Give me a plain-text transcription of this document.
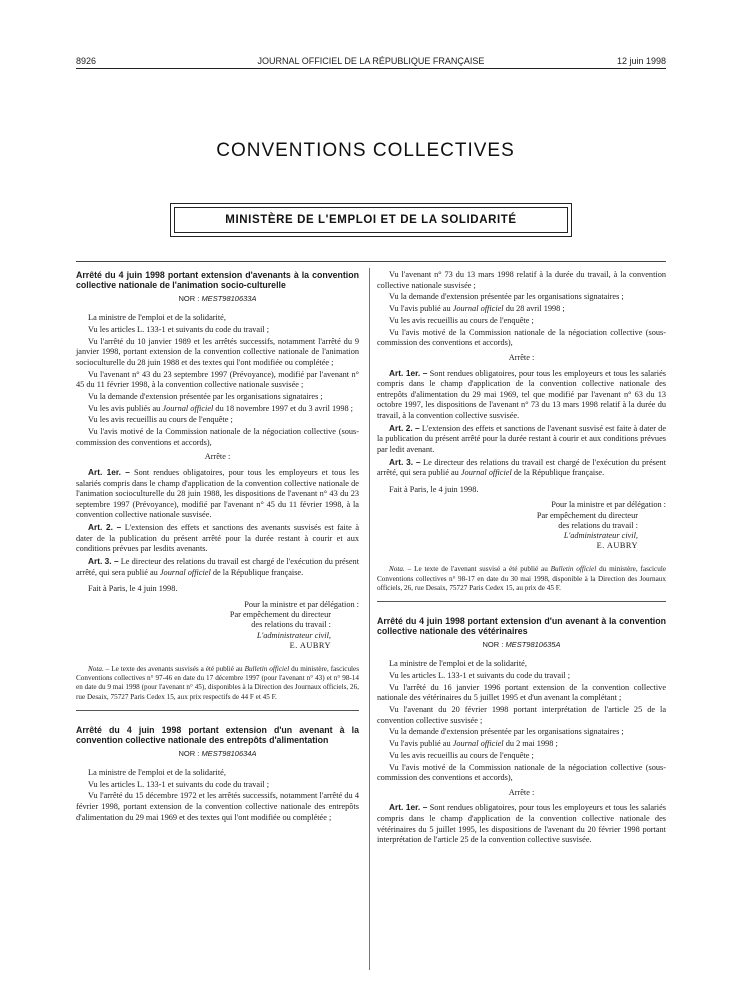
8926	JOURNAL OFFICIEL DE LA RÉPUBLIQUE FRANÇAISE	12 juin 1998
CONVENTIONS COLLECTIVES
MINISTÈRE DE L'EMPLOI ET DE LA SOLIDARITÉ

Arrêté du 4 juin 1998 portant extension d'avenants à la convention collective nationale de l'animation socio-culturelle

NOR : MEST9810633A

La ministre de l'emploi et de la solidarité,

Vu les articles L. 133-1 et suivants du code du travail ;

Vu l'arrêté du 10 janvier 1989 et les arrêtés successifs, notamment l'arrêté du 9 janvier 1998, portant extension de la convention collective nationale de l'animation socioculturelle du 28 juin 1988 et des textes qui l'ont modifiée ou complétée ;

Vu l'avenant n° 43 du 23 septembre 1997 (Prévoyance), modifié par l'avenant n° 45 du 11 février 1998, à la convention collective nationale susvisée ;

Vu la demande d'extension présentée par les organisations signataires ;

Vu les avis publiés au Journal officiel du 18 novembre 1997 et du 3 avril 1998 ;

Vu les avis recueillis au cours de l'enquête ;

Vu l'avis motivé de la Commission nationale de la négociation collective (sous-commission des conventions et accords),

Arrête :

Art. 1er. – Sont rendues obligatoires, pour tous les employeurs et tous les salariés compris dans le champ d'application de la convention collective nationale de l'animation socioculturelle du 28 juin 1988, les dispositions de l'avenant n° 43 du 23 septembre 1997 (Prévoyance), modifié par l'avenant n° 45 du 11 février 1998, à la convention collective nationale susvisée.

Art. 2. – L'extension des effets et sanctions des avenants susvisés est faite à dater de la publication du présent arrêté pour la durée restant à courir et aux conditions prévues par lesdits avenants.

Art. 3. – Le directeur des relations du travail est chargé de l'exécution du présent arrêté, qui sera publié au Journal officiel de la République française.

Fait à Paris, le 4 juin 1998.

Pour la ministre et par délégation :

Par empêchement du directeur

des relations du travail :

L'administrateur civil,

E. AUBRY

Nota. – Le texte des avenants susvisés a été publié au Bulletin officiel du ministère, fascicules Conventions collectives n° 97-46 en date du 17 décembre 1997 (pour l'avenant n° 43) et n° 98-14 en date du 9 mai 1998 (pour l'avenant n° 45), disponibles à la Direction des Journaux officiels, 26, rue Desaix, 75727 Paris Cedex 15, aux prix respectifs de 44 F et 45 F.

Arrêté du 4 juin 1998 portant extension d'un avenant à la convention collective nationale des entrepôts d'alimentation

NOR : MEST9810634A

La ministre de l'emploi et de la solidarité,

Vu les articles L. 133-1 et suivants du code du travail ;

Vu l'arrêté du 15 décembre 1972 et les arrêtés successifs, notamment l'arrêté du 4 février 1998, portant extension de la convention collective nationale des entrepôts d'alimentation du 29 mai 1969 et des textes qui l'ont modifiée ou complétée ;

Vu l'avenant n° 73 du 13 mars 1998 relatif à la durée du travail, à la convention collective nationale susvisée ;

Vu la demande d'extension présentée par les organisations signataires ;

Vu l'avis publié au Journal officiel du 28 avril 1998 ;

Vu les avis recueillis au cours de l'enquête ;

Vu l'avis motivé de la Commission nationale de la négociation collective (sous-commission des conventions et accords),

Arrête :

Art. 1er. – Sont rendues obligatoires, pour tous les employeurs et tous les salariés compris dans le champ d'application de la convention collective nationale des entrepôts d'alimentation du 29 mai 1969, tel que modifié par l'avenant n° 63 du 13 octobre 1997, les dispositions de l'avenant n° 73 du 13 mars 1998 relatif à la durée du travail, à la convention collective susvisée.

Art. 2. – L'extension des effets et sanctions de l'avenant susvisé est faite à dater de la publication du présent arrêté pour la durée restant à courir et aux conditions prévues par ledit avenant.

Art. 3. – Le directeur des relations du travail est chargé de l'exécution du présent arrêté, qui sera publié au Journal officiel de la République française.

Fait à Paris, le 4 juin 1998.

Pour la ministre et par délégation :

Par empêchement du directeur

des relations du travail :

L'administrateur civil,

E. AUBRY

Nota. – Le texte de l'avenant susvisé a été publié au Bulletin officiel du ministère, fascicule Conventions collectives n° 98-17 en date du 30 mai 1998, disponible à la Direction des Journaux officiels, 26, rue Desaix, 75727 Paris Cedex 15, au prix de 45 F.

Arrêté du 4 juin 1998 portant extension d'un avenant à la convention collective nationale des vétérinaires

NOR : MEST9810635A

La ministre de l'emploi et de la solidarité,

Vu les articles L. 133-1 et suivants du code du travail ;

Vu l'arrêté du 16 janvier 1996 portant extension de la convention collective nationale des vétérinaires du 5 juillet 1995 et d'un avenant la complétant ;

Vu l'avenant du 20 février 1998 portant interprétation de l'article 25 de la convention collective susvisée ;

Vu la demande d'extension présentée par les organisations signataires ;

Vu l'avis publié au Journal officiel du 2 mai 1998 ;

Vu les avis recueillis au cours de l'enquête ;

Vu l'avis motivé de la Commission nationale de la négociation collective (sous-commission des conventions et accords),

Arrête :

Art. 1er. – Sont rendues obligatoires, pour tous les employeurs et tous les salariés compris dans le champ d'application de la convention collective nationale des vétérinaires du 5 juillet 1995, les dispositions de l'avenant du 20 février 1998 portant interprétation de l'article 25 de la convention collective susvisée.
